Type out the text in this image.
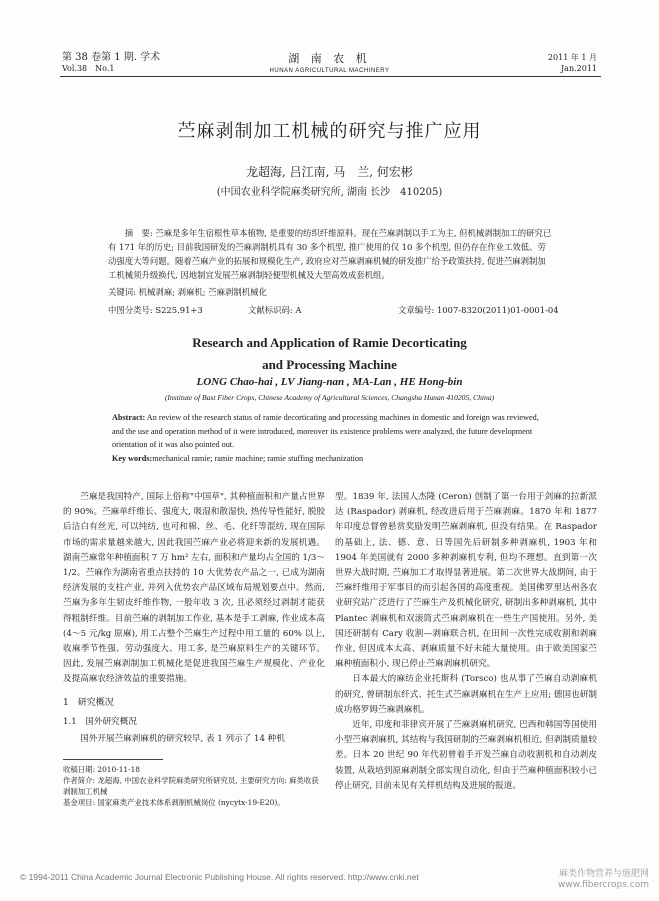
第 38 卷第 1 期. 学术
Vol.38　No.1
湖 南 农 机
HUNAN AGRICULTURAL MACHINERY
2011 年 1 月
Jan.2011
苎麻剥制加工机械的研究与推广应用
龙超海, 吕江南, 马　兰, 何宏彬
(中国农业科学院麻类研究所, 湖南 长沙　410205)
摘　要: 苎麻是多年生宿根性草本植物, 是重要的纺织纤维原料。现在苎麻剥制以手工为主, 但机械剥制加工的研究已有 171 年的历史; 目前我国研发的苎麻剥制机具有 30 多个机型, 推广使用的仅 10 多个机型, 但仍存在作业工效低、劳动强度大等问题。随着苎麻产业的拓展和规模化生产, 政府应对苎麻剥麻机械的研发推广给予政策扶持, 促进苎麻剥制加工机械须升级换代, 因地制宜发展苎麻剥制轻便型机械及大型高效成套机组。
关键词: 机械剥麻; 剥麻机; 苎麻剥制机械化
中图分类号: S225.91+3	文献标识码: A	文章编号: 1007-8320(2011)01-0001-04
Research and Application of Ramie Decorticating
and Processing Machine
LONG Chao-hai , LV Jiang-nan , MA-Lan , HE Hong-bin
(Institute of Bast Fiber Crops, Chinese Academy of Agricultural Sciences, Changsha Hunan 410205, China)
Abstract: An review of the research status of ramie decorticating and processing machines in domestic and foreign was reviewed, and the use and operation method of it were introduced, moreover its existence problems were analyzed, the future development orientation of it was also pointed out.
Key words:mechanical ramie; ramie machine; ramie stuffing mechanization

苎麻是我国特产, 国际上俗称"中国草", 其种植面积和产量占世界的 90%。苎麻单纤维长、强度大, 吸湿和散湿快, 热传导性能好, 脱胶后洁白有丝光, 可以纯纺, 也可和棉、丝、毛、化纤等混纺, 现在国际市场的需求量越来越大, 因此我国苎麻产业必将迎来新的发展机遇。湖南苎麻常年种植面积 7 万 hm² 左右, 面积和产量均占全国的 1/3～1/2。苎麻作为湖南省重点扶持的 10 大优势农产品之一, 已成为湖南经济发展的支柱产业, 并列入优势农产品区域布局规划要点中。然而, 苎麻为多年生韧皮纤维作物, 一般年收 3 次, 且必须经过剥制才能获得粗制纤维。目前苎麻的剥制加工作业, 基本是手工剥麻, 作业成本高 (4～5 元/kg 原麻), 用工占整个苎麻生产过程中用工量的 60% 以上, 收麻季节性强、劳动强度大、用工多, 是苎麻原料生产的关键环节。因此, 发展苎麻剥制加工机械化是促进我国苎麻生产规模化、产业化及提高麻农经济效益的重要措施。

1　研究概况
1.1　国外研究概况

国外开展苎麻剥麻机的研究较早, 表 1 列示了 14 种机

收稿日期: 2010-11-18
作者简介: 龙超海, 中国农业科学院麻类研究所研究员, 主要研究方向: 麻类收获剥制加工机械
基金项目: 国家麻类产业技术体系剥制机械岗位 (nycytx-19-E20)。

型。1839 年, 法国人杰隆 (Ceron) 创制了第一台用于剑麻的拉新派达 (Raspador) 剥麻机, 经改进后用于苎麻剥麻。1870 年和 1877 年印度总督曾悬赏奖励发明苎麻剥麻机, 但没有结果。在 Raspador 的基础上, 法、德、意、日等国先后研制多种剥麻机, 1903 年和 1904 年美国就有 2000 多种剥麻机专利, 但均不理想。直到第一次世界大战时期, 苎麻加工才取得显著进展。第二次世界大战期间, 由于苎麻纤维用于军事目的而引起各国的高度重视。美国佛罗里达州各农业研究站广泛进行了苎麻生产及机械化研究, 研制出多种剥麻机, 其中 Plantec 剥麻机和双滚筒式苎麻剥麻机在一些生产国使用。另外, 美国还研制有 Cary 收割—剥麻联合机, 在田间一次性完成收割和剥麻作业, 但因成本太高、剥麻质量不好未能大量使用。由于欧美国家苎麻种植面积小, 现已停止苎麻剥麻机研究。

日本最大的麻纺企业托斯科 (Torsco) 也从事了苎麻自动剥麻机的研究, 曾研制东纤式、托生式苎麻剥麻机在生产上应用; 德国也研制成功格罗姆苎麻剥麻机。

近年, 印度和菲律宾开展了苎麻剥麻机研究, 巴西和韩国等国使用小型苎麻剥麻机, 其结构与我国研制的苎麻剥麻机相近, 但剥制质量较差。日本 20 世纪 90 年代初曾着手开发苎麻自动收割机和自动剥皮装置, 从栽培到原麻剥制全部实现自动化, 但由于苎麻种植面积较小已停止研究, 目前未见有关样机结构及进展的报道。

© 1994-2011 China Academic Journal Electronic Publishing House. All rights reserved. http://www.cnki.net	麻类作物营养与施肥网
www.fibercrops.com
